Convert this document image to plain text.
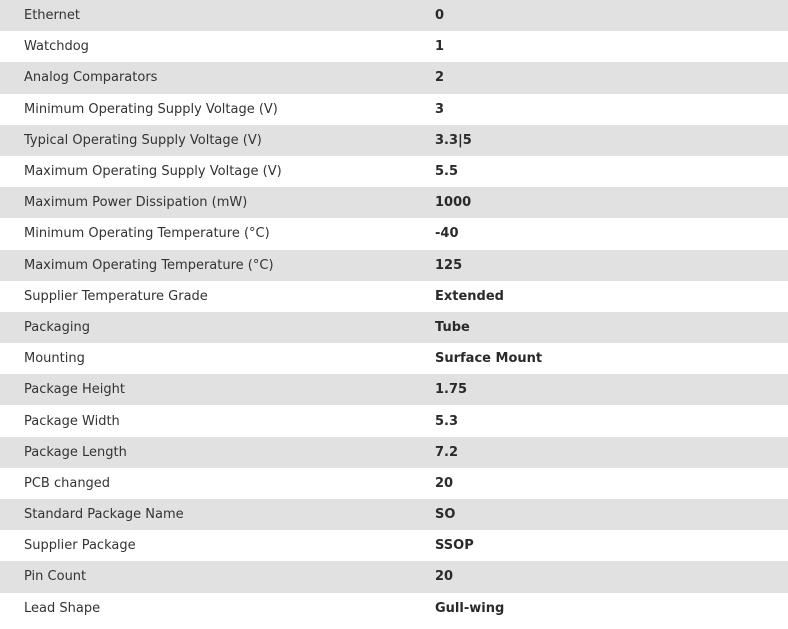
Ethernet	0
Watchdog	1
Analog Comparators	2
Minimum Operating Supply Voltage (V)	3
Typical Operating Supply Voltage (V)	3.3|5
Maximum Operating Supply Voltage (V)	5.5
Maximum Power Dissipation (mW)	1000
Minimum Operating Temperature (°C)	-40
Maximum Operating Temperature (°C)	125
Supplier Temperature Grade	Extended
Packaging	Tube
Mounting	Surface Mount
Package Height	1.75
Package Width	5.3
Package Length	7.2
PCB changed	20
Standard Package Name	SO
Supplier Package	SSOP
Pin Count	20
Lead Shape	Gull-wing
